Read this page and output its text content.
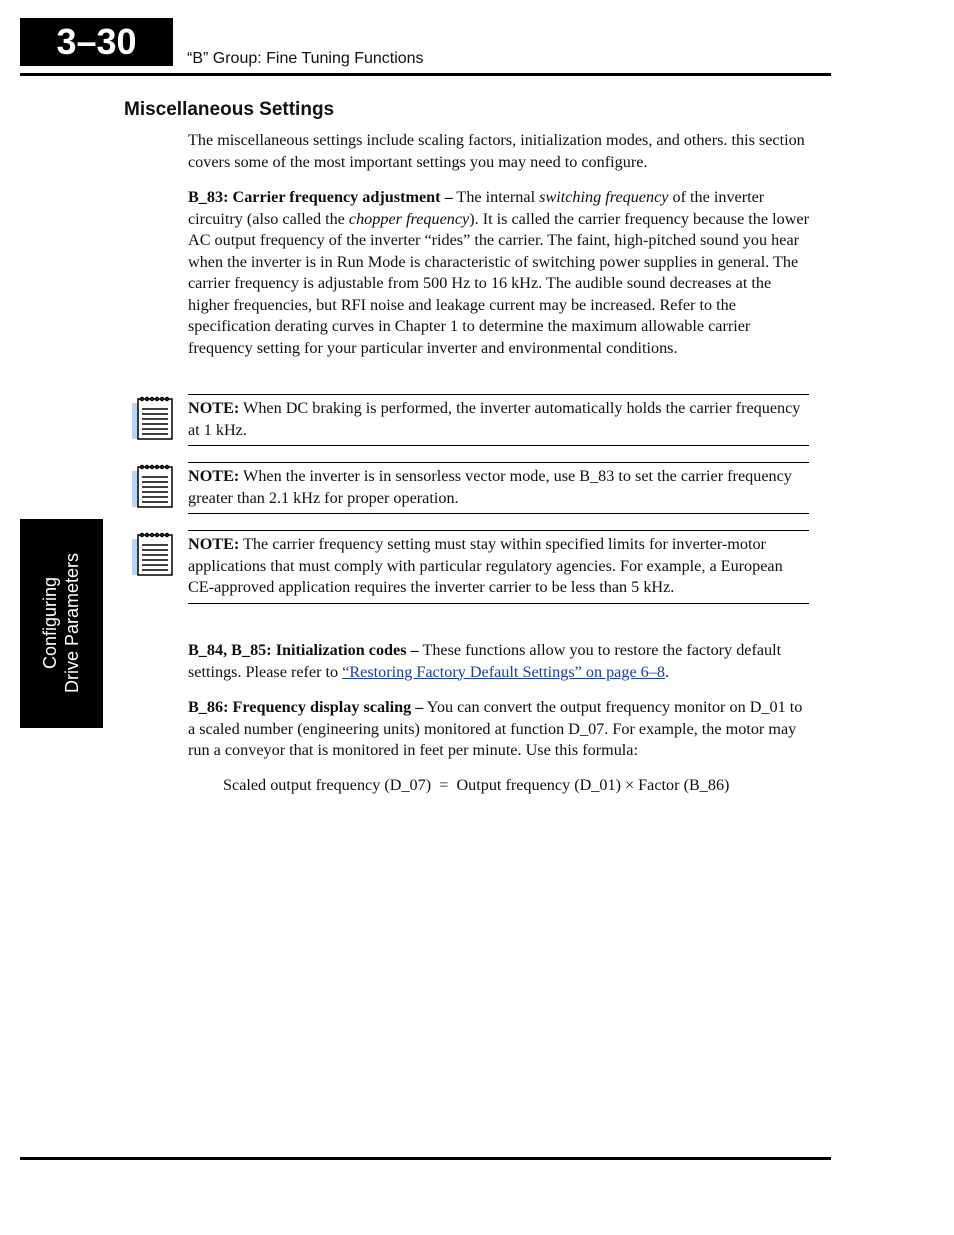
3–30	“B” Group: Fine Tuning Functions
Configuring Drive Parameters
Miscellaneous Settings

The miscellaneous settings include scaling factors, initialization modes, and others. this section covers some of the most important settings you may need to configure.

B_83: Carrier frequency adjustment – The internal switching frequency of the inverter circuitry (also called the chopper frequency). It is called the carrier frequency because the lower AC output frequency of the inverter “rides” the carrier. The faint, high-pitched sound you hear when the inverter is in Run Mode is characteristic of switching power supplies in general. The carrier frequency is adjustable from 500 Hz to 16 kHz. The audible sound decreases at the higher frequencies, but RFI noise and leakage current may be increased. Refer to the specification derating curves in Chapter 1 to determine the maximum allowable carrier frequency setting for your particular inverter and environmental conditions.

NOTE: When DC braking is performed, the inverter automatically holds the carrier frequency at 1 kHz.
NOTE: When the inverter is in sensorless vector mode, use B_83 to set the carrier frequency greater than 2.1 kHz for proper operation.
NOTE: The carrier frequency setting must stay within specified limits for inverter-motor applications that must comply with particular regulatory agencies. For example, a European CE-approved application requires the inverter carrier to be less than 5 kHz.

B_84, B_85: Initialization codes – These functions allow you to restore the factory default settings. Please refer to “Restoring Factory Default Settings” on page 6–8.

B_86: Frequency display scaling – You can convert the output frequency monitor on D_01 to a scaled number (engineering units) monitored at function D_07. For example, the motor may run a conveyor that is monitored in feet per minute. Use this formula:

Scaled output frequency (D_07)  =  Output frequency (D_01) × Factor (B_86)
